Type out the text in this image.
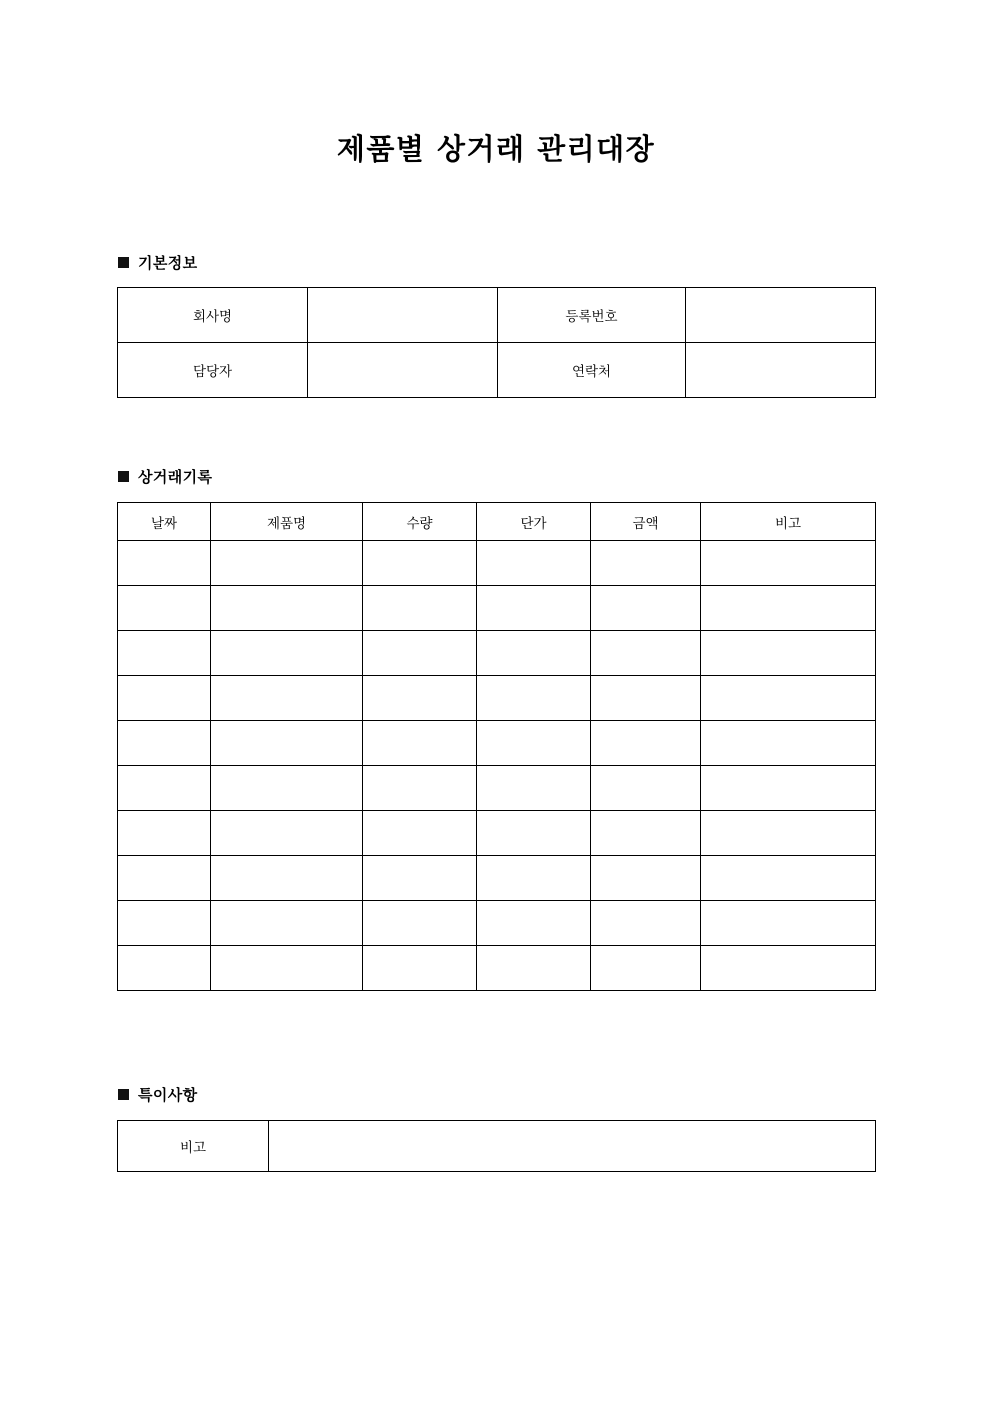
제품별 상거래 관리대장
기본정보
회사명		등록번호	
담당자		연락처	
상거래기록
날짜	제품명	수량	단가	금액	비고

특이사항
비고	
